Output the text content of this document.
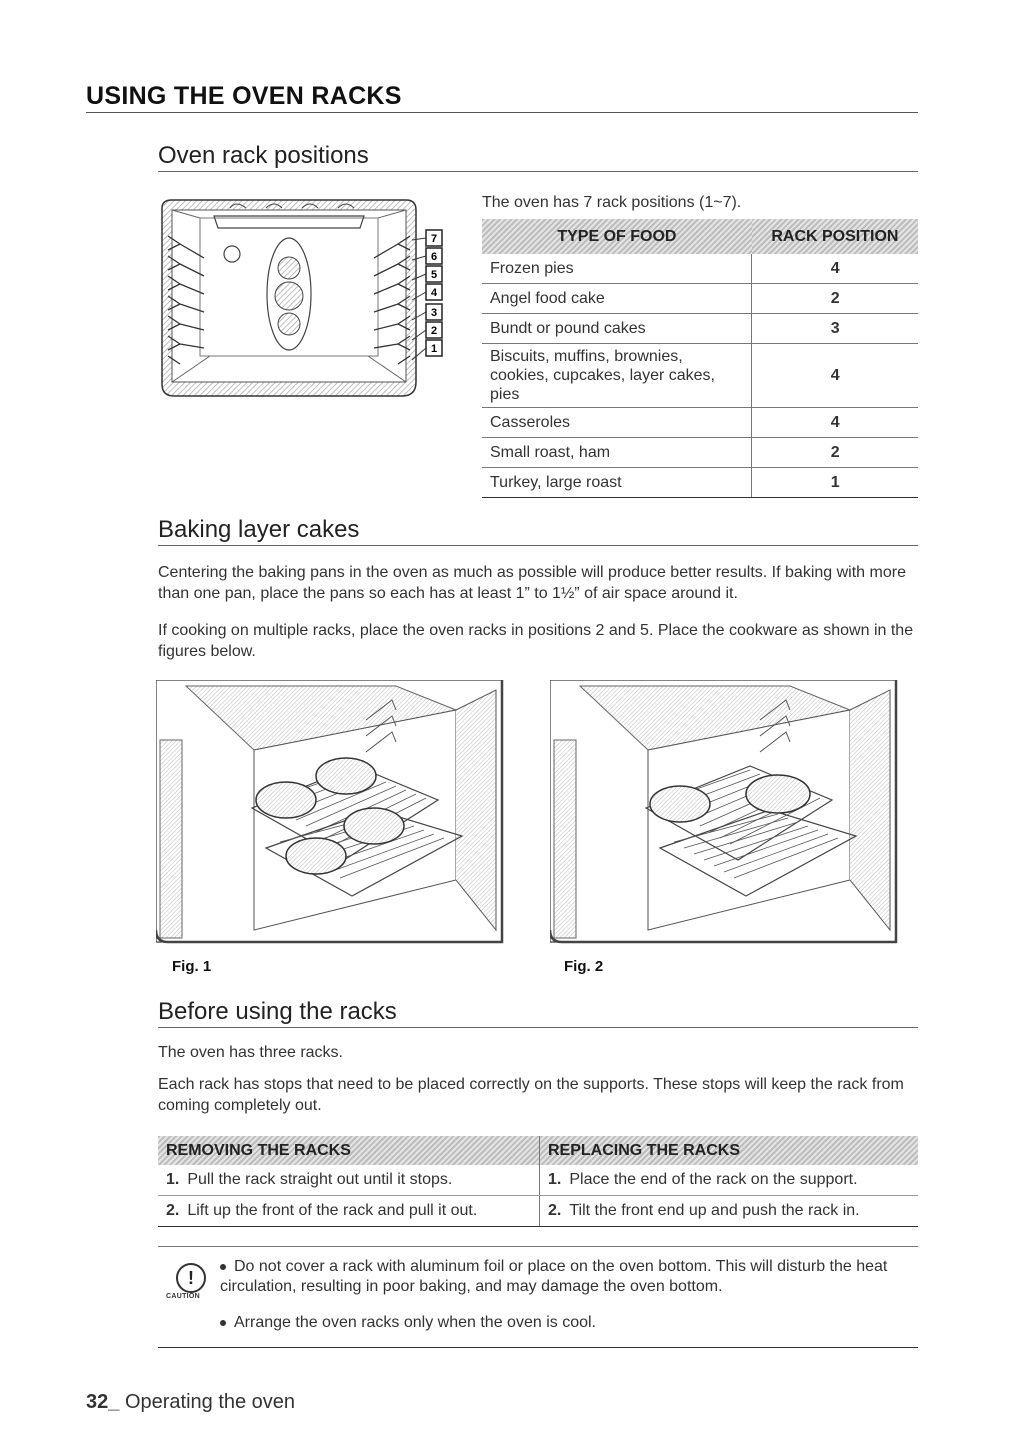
USING THE OVEN RACKS
Oven rack positions
7
6
5
4
3
2
1
The oven has 7 rack positions (1~7).
TYPE OF FOOD	RACK POSITION
Frozen pies	4
Angel food cake	2
Bundt or pound cakes	3
Biscuits, muffins, brownies, cookies, cupcakes, layer cakes, pies	4
Casseroles	4
Small roast, ham	2
Turkey, large roast	1
Baking layer cakes
Centering the baking pans in the oven as much as possible will produce better results. If baking with more than one pan, place the pans so each has at least 1” to 1½” of air space around it.
If cooking on multiple racks, place the oven racks in positions 2 and 5. Place the cookware as shown in the figures below.
Fig. 1	Fig. 2
Before using the racks
The oven has three racks.
Each rack has stops that need to be placed correctly on the supports. These stops will keep the rack from coming completely out.
REMOVING THE RACKS	REPLACING THE RACKS
1. Pull the rack straight out until it stops.	1. Place the end of the rack on the support.
2. Lift up the front of the rack and pull it out.	2. Tilt the front end up and push the rack in.
!
CAUTION
Do not cover a rack with aluminum foil or place on the oven bottom. This will disturb the heat circulation, resulting in poor baking, and may damage the oven bottom.
Arrange the oven racks only when the oven is cool.
32_ Operating the oven
